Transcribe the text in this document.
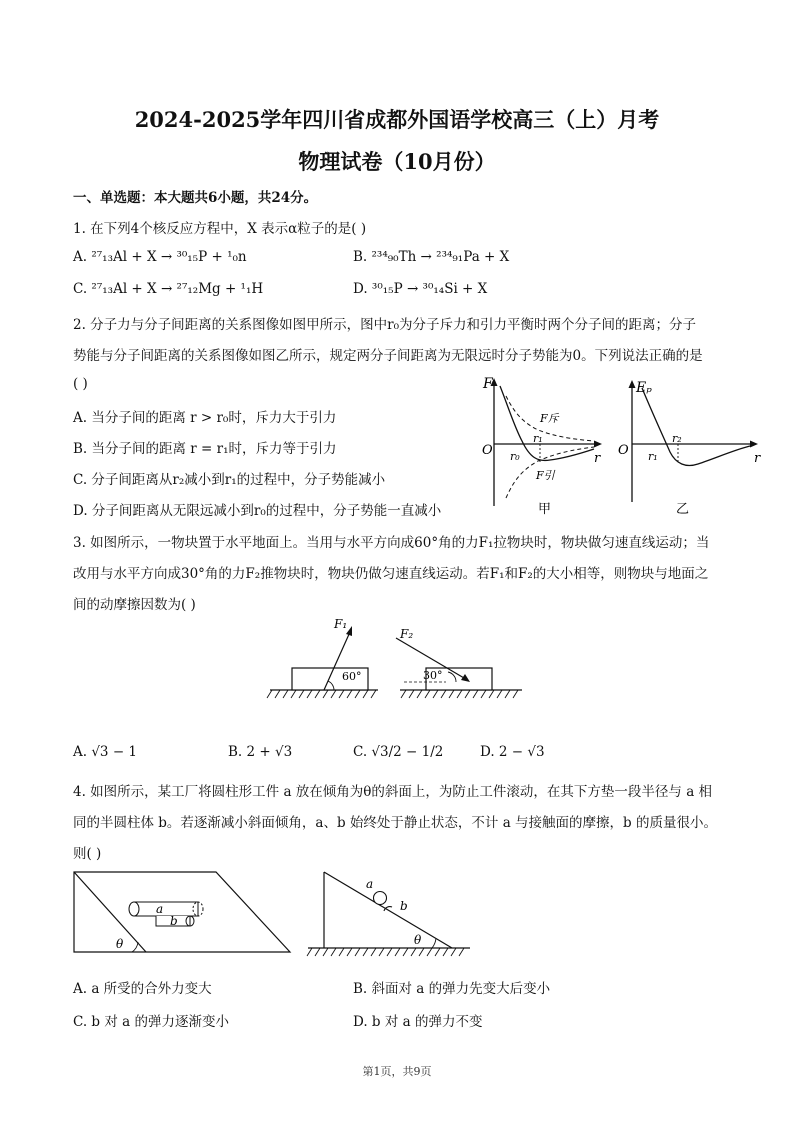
2024-2025学年四川省成都外国语学校高三（上）月考
物理试卷（10月份）
一、单选题：本大题共6小题，共24分。
1. 在下列4个核反应方程中，X 表示α粒子的是( )
A. ²⁷₁₃Al + X → ³⁰₁₅P + ¹₀n	B. ²³⁴₉₀Th → ²³⁴₉₁Pa + X
C. ²⁷₁₃Al + X → ²⁷₁₂Mg + ¹₁H	D. ³⁰₁₅P → ³⁰₁₄Si + X
2. 分子力与分子间距离的关系图像如图甲所示，图中r₀为分子斥力和引力平衡时两个分子间的距离；分子
势能与分子间距离的关系图像如图乙所示，规定两分子间距离为无限远时分子势能为0。下列说法正确的是
( )
A. 当分子间的距离 r > r₀时，斥力大于引力
B. 当分子间的距离 r = r₁时，斥力等于引力
C. 分子间距离从r₂减小到r₁的过程中，分子势能减小
D. 分子间距离从无限远减小到r₀的过程中，分子势能一直减小
F
O
r
r₀
r₁
F斥
F引
甲
Eₚ
O
r
r₁
r₂
乙
3. 如图所示，一物块置于水平地面上。当用与水平方向成60°角的力F₁拉物块时，物块做匀速直线运动；当
改用与水平方向成30°角的力F₂推物块时，物块仍做匀速直线运动。若F₁和F₂的大小相等，则物块与地面之
间的动摩擦因数为( )
F₁
60°
F₂
30°
A. √3 − 1	B. 2 + √3	C. √3/2 − 1/2	D. 2 − √3
4. 如图所示，某工厂将圆柱形工件 a 放在倾角为θ的斜面上，为防止工件滚动，在其下方垫一段半径与 a 相
同的半圆柱体 b。若逐渐减小斜面倾角，a、b 始终处于静止状态，不计 a 与接触面的摩擦，b 的质量很小。
则( )
a
b
θ
a
b
θ
A. a 所受的合外力变大	B. 斜面对 a 的弹力先变大后变小
C. b 对 a 的弹力逐渐变小	D. b 对 a 的弹力不变
第1页，共9页
